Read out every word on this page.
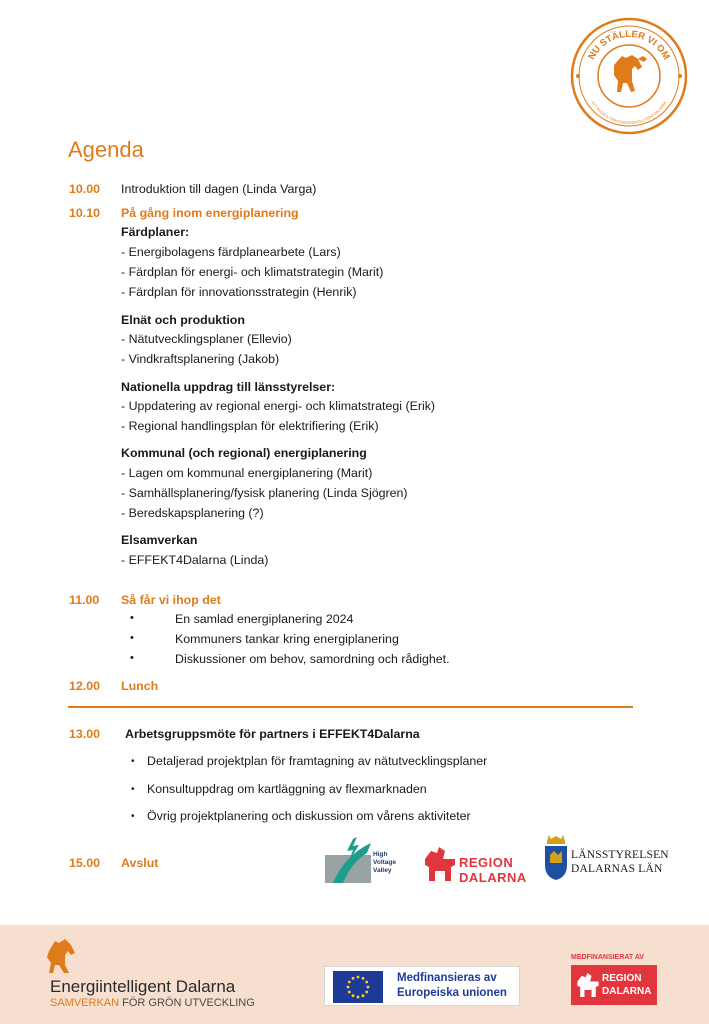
NU STÄLLER VI OM
ETT INITIATIV FRÅN ENERGIINTELLIGENT DALARNA
Agenda
10.00 Introduktion till dagen (Linda Varga)
10.10 På gång inom energiplanering
Färdplaner:
- Energibolagens färdplanearbete (Lars)
- Färdplan för energi- och klimatstrategin (Marit)
- Färdplan för innovationsstrategin (Henrik)
Elnät och produktion
- Nätutvecklingsplaner (Ellevio)
- Vindkraftsplanering (Jakob)
Nationella uppdrag till länsstyrelser:
- Uppdatering av regional energi- och klimatstrategi (Erik)
- Regional handlingsplan för elektrifiering (Erik)
Kommunal (och regional) energiplanering
- Lagen om kommunal energiplanering (Marit)
- Samhällsplanering/fysisk planering (Linda Sjögren)
- Beredskapsplanering (?)
Elsamverkan
- EFFEKT4Dalarna (Linda)
11.00 Så får vi ihop det
•	En samlad energiplanering 2024
•	Kommuners tankar kring energiplanering
•	Diskussioner om behov, samordning och rådighet.
12.00 Lunch
13.00 Arbetsgruppsmöte för partners i EFFEKT4Dalarna
• Detaljerad projektplan för framtagning av nätutvecklingsplaner
• Konsultuppdrag om kartläggning av flexmarknaden
• Övrig projektplanering och diskussion om vårens aktiviteter
15.00 Avslut
High Voltage Valley
REGION
DALARNA
LÄNSSTYRELSEN
DALARNAS LÄN
Energiintelligent Dalarna
SAMVERKAN FÖR GRÖN UTVECKLING
Medfinansieras av
Europeiska unionen
MEDFINANSIERAT AV
REGION
DALARNA
